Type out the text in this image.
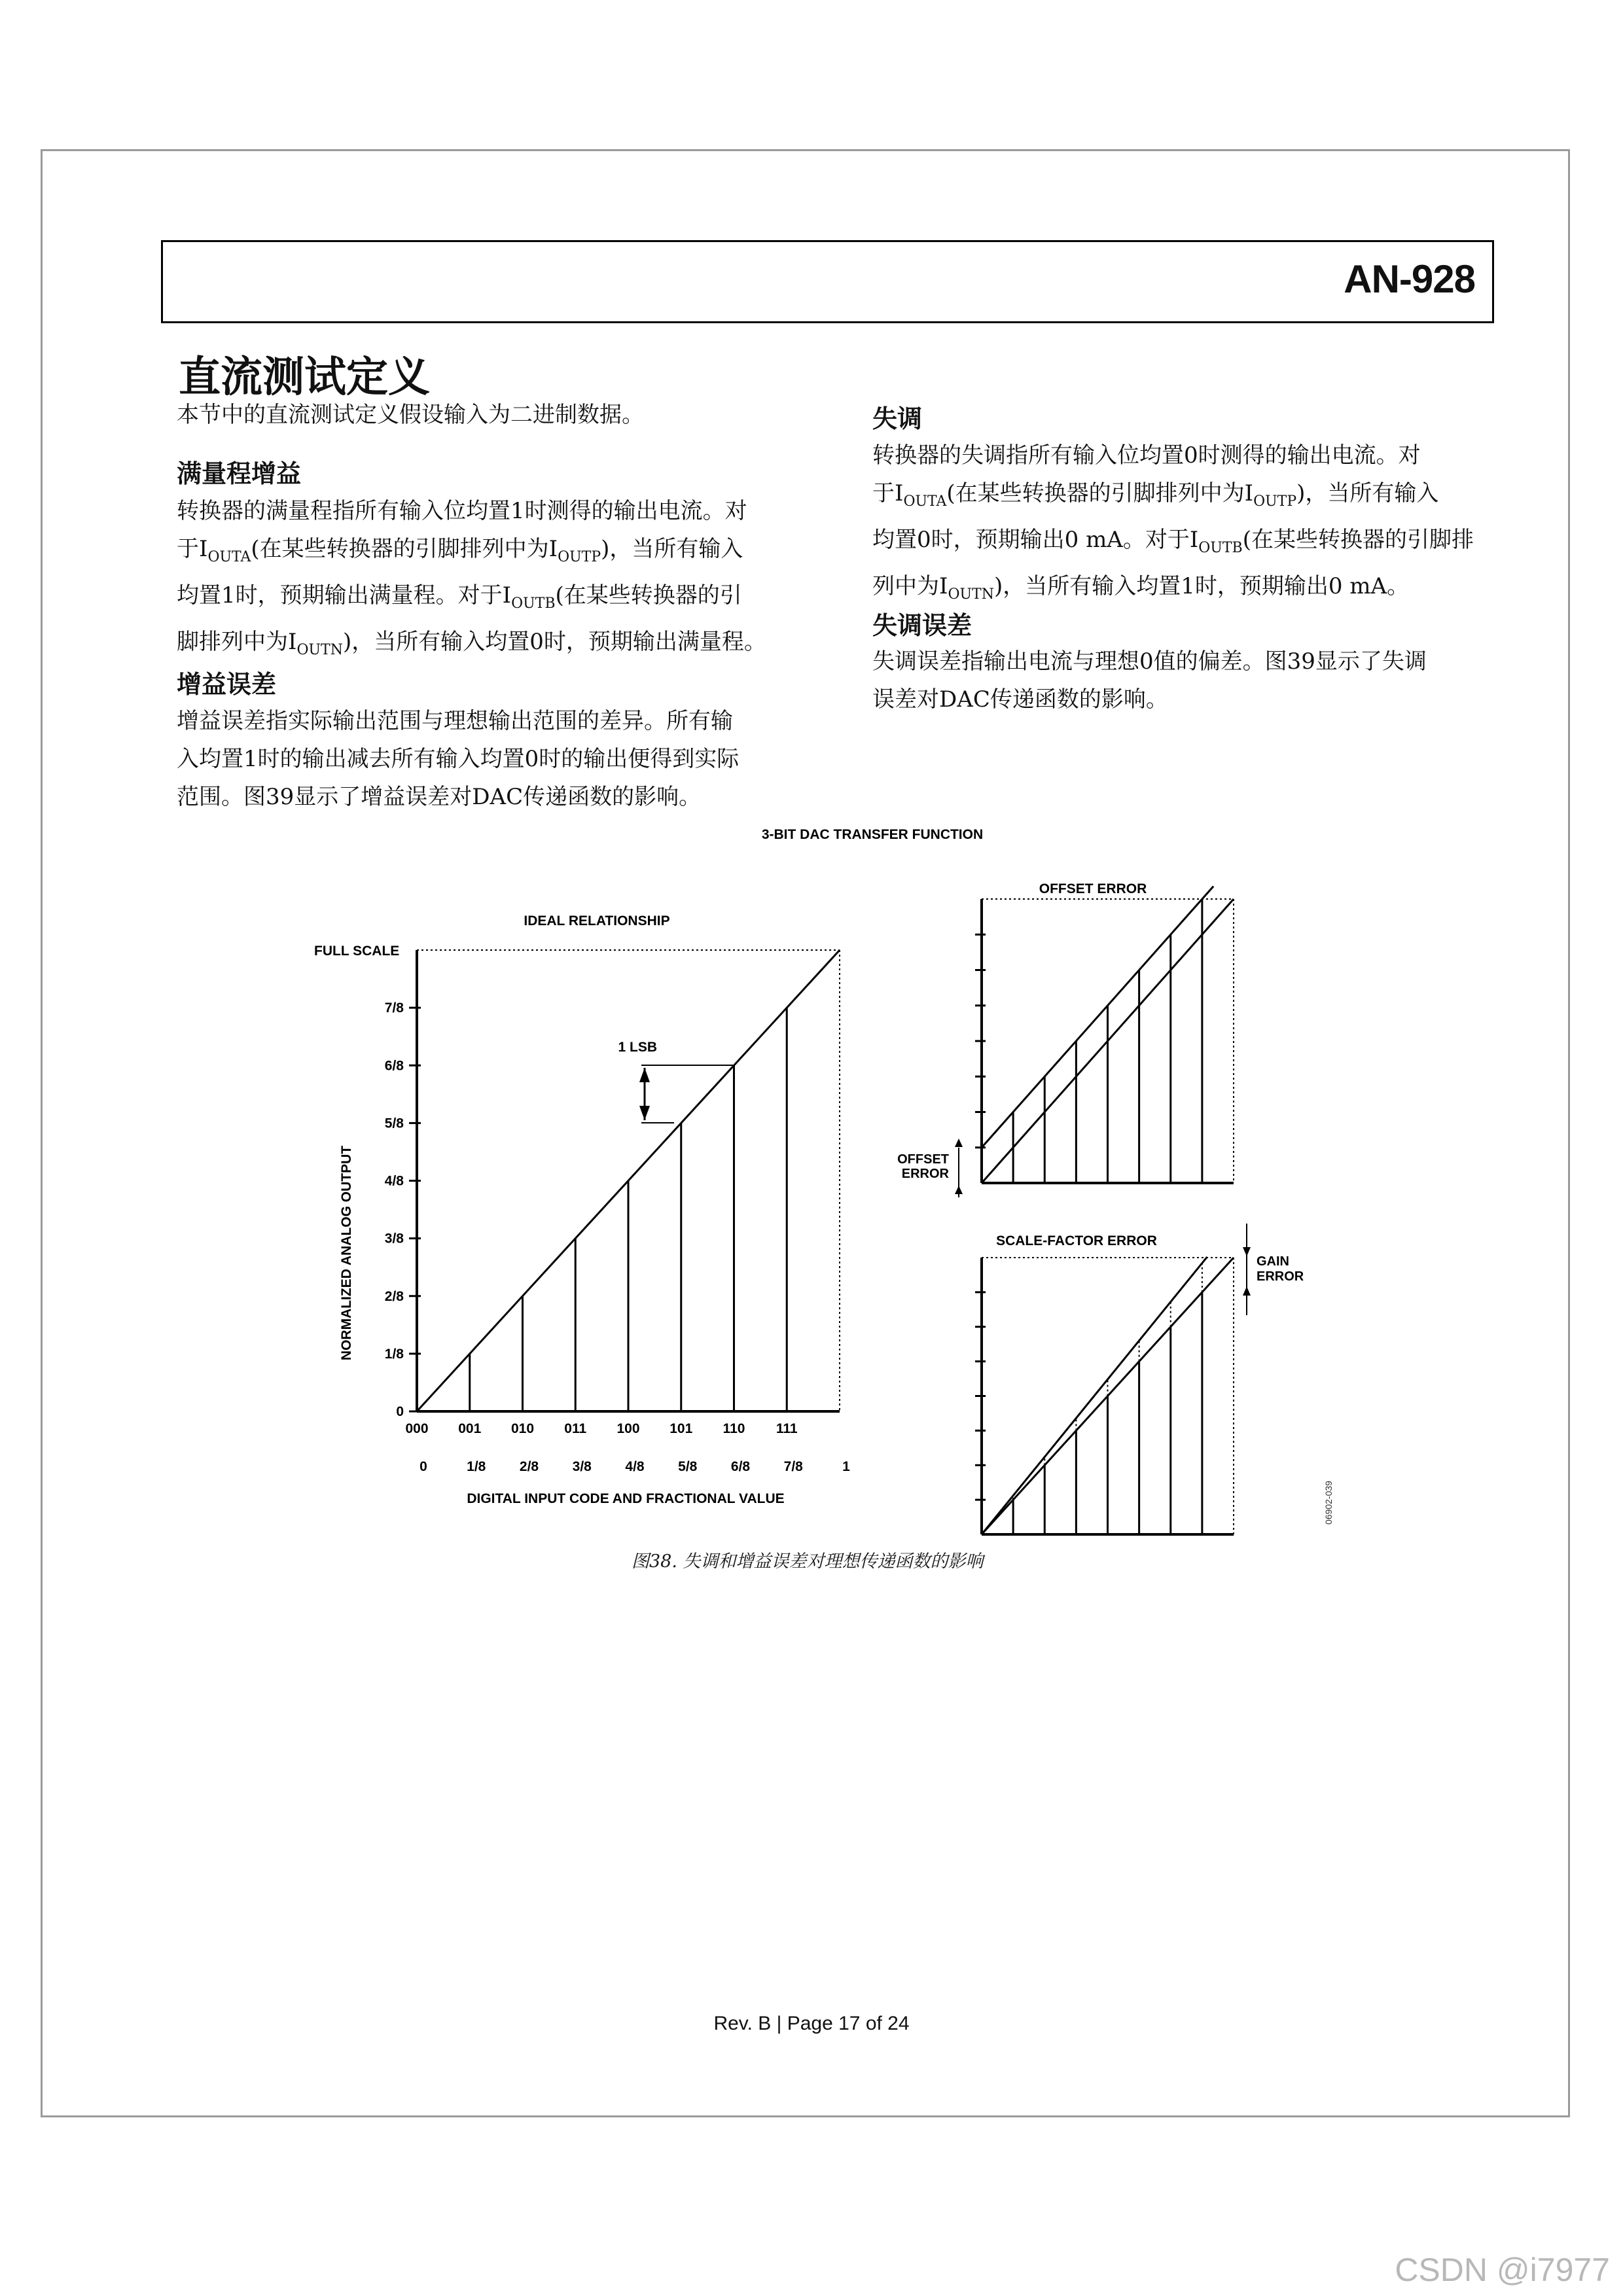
AN-928
直流测试定义

本节中的直流测试定义假设输入为二进制数据。

满量程增益
转换器的满量程指所有输入位均置1时测得的输出电流。对
于$I_{OUTA}$(在某些转换器的引脚排列中为$I_{OUTP}$)，当所有输入
均置1时，预期输出满量程。对于$I_{OUTB}$(在某些转换器的引
脚排列中为$I_{OUTN}$)，当所有输入均置0时，预期输出满量程。
增益误差
增益误差指实际输出范围与理想输出范围的差异。所有输
入均置1时的输出减去所有输入均置0时的输出便得到实际
范围。图39显示了增益误差对DAC传递函数的影响。
失调
转换器的失调指所有输入位均置0时测得的输出电流。对
于$I_{OUTA}$(在某些转换器的引脚排列中为$I_{OUTP}$)，当所有输入
均置0时，预期输出0 mA。对于$I_{OUTB}$(在某些转换器的引脚排
列中为$I_{OUTN}$)，当所有输入均置1时，预期输出0 mA。
失调误差
失调误差指输出电流与理想0值的偏差。图39显示了失调
误差对DAC传递函数的影响。
3-BIT DAC TRANSFER FUNCTION
IDEAL RELATIONSHIP
FULL SCALE
NORMALIZED ANALOG OUTPUT
DIGITAL INPUT CODE AND FRACTIONAL VALUE
1 LSB
0
1/8
2/8
3/8
4/8
5/8
6/8
7/8
000 001 010 011 100 101 110 111
0	1/8 2/8 3/8 4/8 5/8 6/8 7/8	1
OFFSET ERROR
OFFSET
ERROR
SCALE-FACTOR ERROR
GAIN
ERROR
06902-039
图38. 失调和增益误差对理想传递函数的影响
Rev. B | Page 17 of 24
CSDN @i7977
